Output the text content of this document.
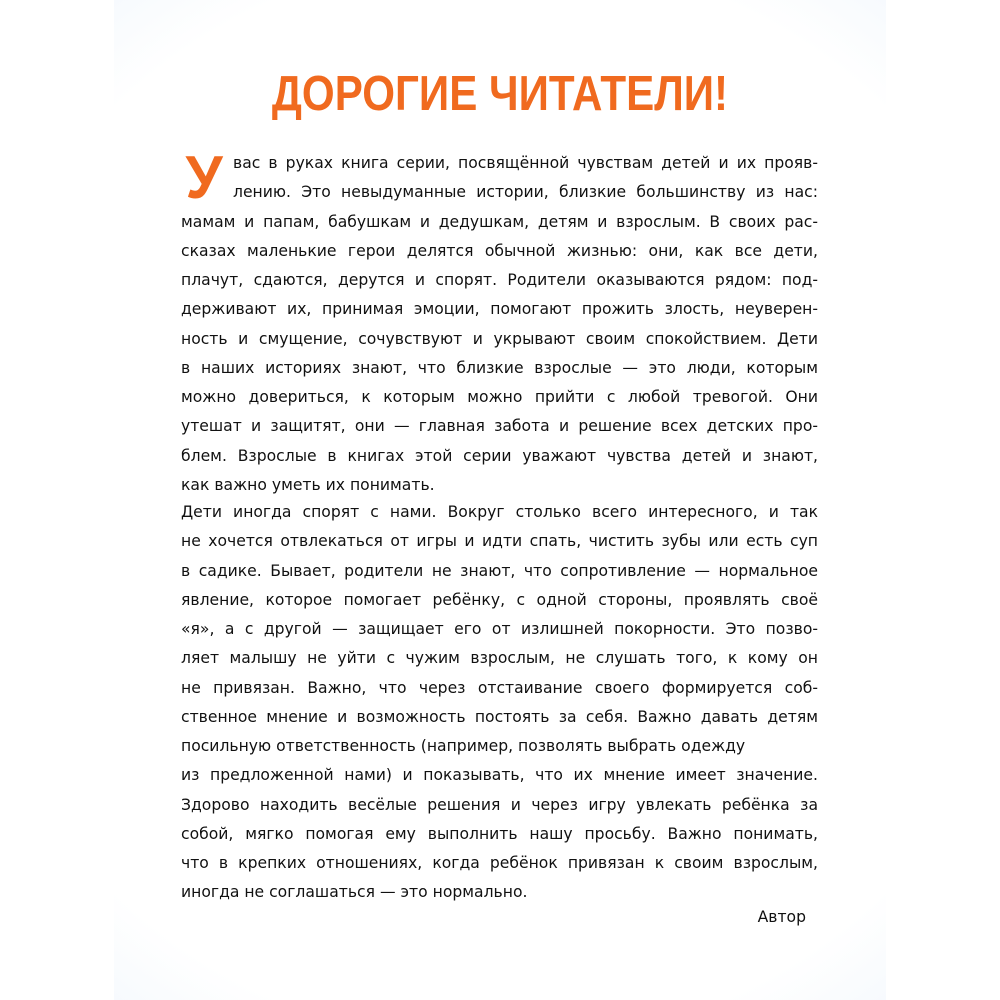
ДОРОГИЕ ЧИТАТЕЛИ!
У вас в руках книга серии, посвящённой чувствам детей и их прояв-
лению. Это невыдуманные истории, близкие большинству из нас:
мамам и папам, бабушкам и дедушкам, детям и взрослым. В своих рас-
сказах маленькие герои делятся обычной жизнью: они, как все дети,
плачут, сдаются, дерутся и спорят. Родители оказываются рядом: под-
держивают их, принимая эмоции, помогают прожить злость, неуверен-
ность и смущение, сочувствуют и укрывают своим спокойствием. Дети
в наших историях знают, что близкие взрослые — это люди, которым
можно довериться, к которым можно прийти с любой тревогой. Они
утешат и защитят, они — главная забота и решение всех детских про-
блем. Взрослые в книгах этой серии уважают чувства детей и знают,
как важно уметь их понимать.
Дети иногда спорят с нами. Вокруг столько всего интересного, и так
не хочется отвлекаться от игры и идти спать, чистить зубы или есть суп
в садике. Бывает, родители не знают, что сопротивление — нормальное
явление, которое помогает ребёнку, с одной стороны, проявлять своё
«я», а с другой — защищает его от излишней покорности. Это позво-
ляет малышу не уйти с чужим взрослым, не слушать того, к кому он
не привязан. Важно, что через отстаивание своего формируется соб-
ственное мнение и возможность постоять за себя. Важно давать детям
посильную ответственность (например, позволять выбрать одежду
из предложенной нами) и показывать, что их мнение имеет значение.
Здорово находить весёлые решения и через игру увлекать ребёнка за
собой, мягко помогая ему выполнить нашу просьбу. Важно понимать,
что в крепких отношениях, когда ребёнок привязан к своим взрослым,
иногда не соглашаться — это нормально.
Автор
